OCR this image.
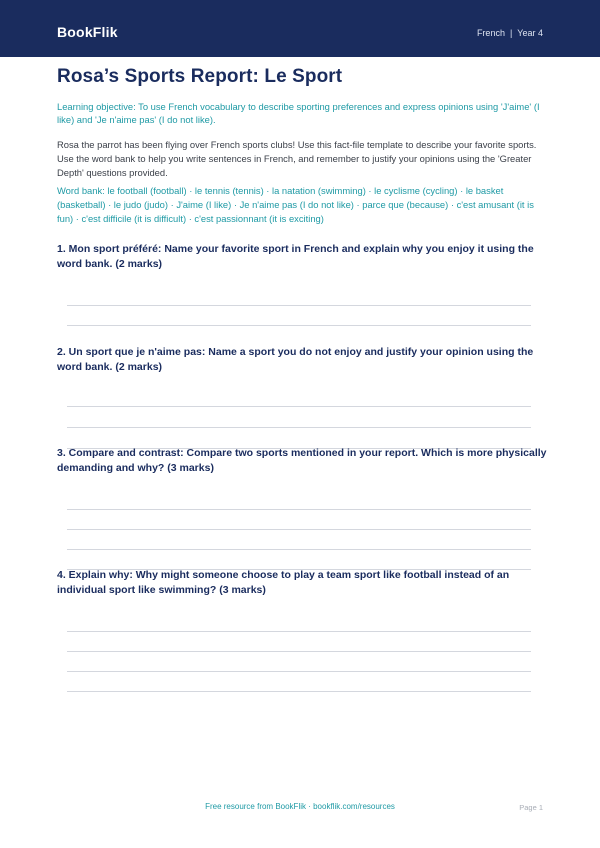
BookFlik	French | Year 4
Rosa’s Sports Report: Le Sport

Learning objective: To use French vocabulary to describe sporting preferences and express opinions using 'J'aime' (I like) and 'Je n'aime pas' (I do not like).

Rosa the parrot has been flying over French sports clubs! Use this fact-file template to describe your favorite sports. Use the word bank to help you write sentences in French, and remember to justify your opinions using the 'Greater Depth' questions provided.

Word bank: le football (football) · le tennis (tennis) · la natation (swimming) · le cyclisme (cycling) · le basket (basketball) · le judo (judo) · J'aime (I like) · Je n'aime pas (I do not like) · parce que (because) · c'est amusant (it is fun) · c'est difficile (it is difficult) · c'est passionnant (it is exciting)

1. Mon sport préféré: Name your favorite sport in French and explain why you enjoy it using the word bank. (2 marks)

2. Un sport que je n'aime pas: Name a sport you do not enjoy and justify your opinion using the word bank. (2 marks)

3. Compare and contrast: Compare two sports mentioned in your report. Which is more physically demanding and why? (3 marks)

4. Explain why: Why might someone choose to play a team sport like football instead of an individual sport like swimming? (3 marks)

Free resource from BookFlik · bookflik.com/resources	Page 1
